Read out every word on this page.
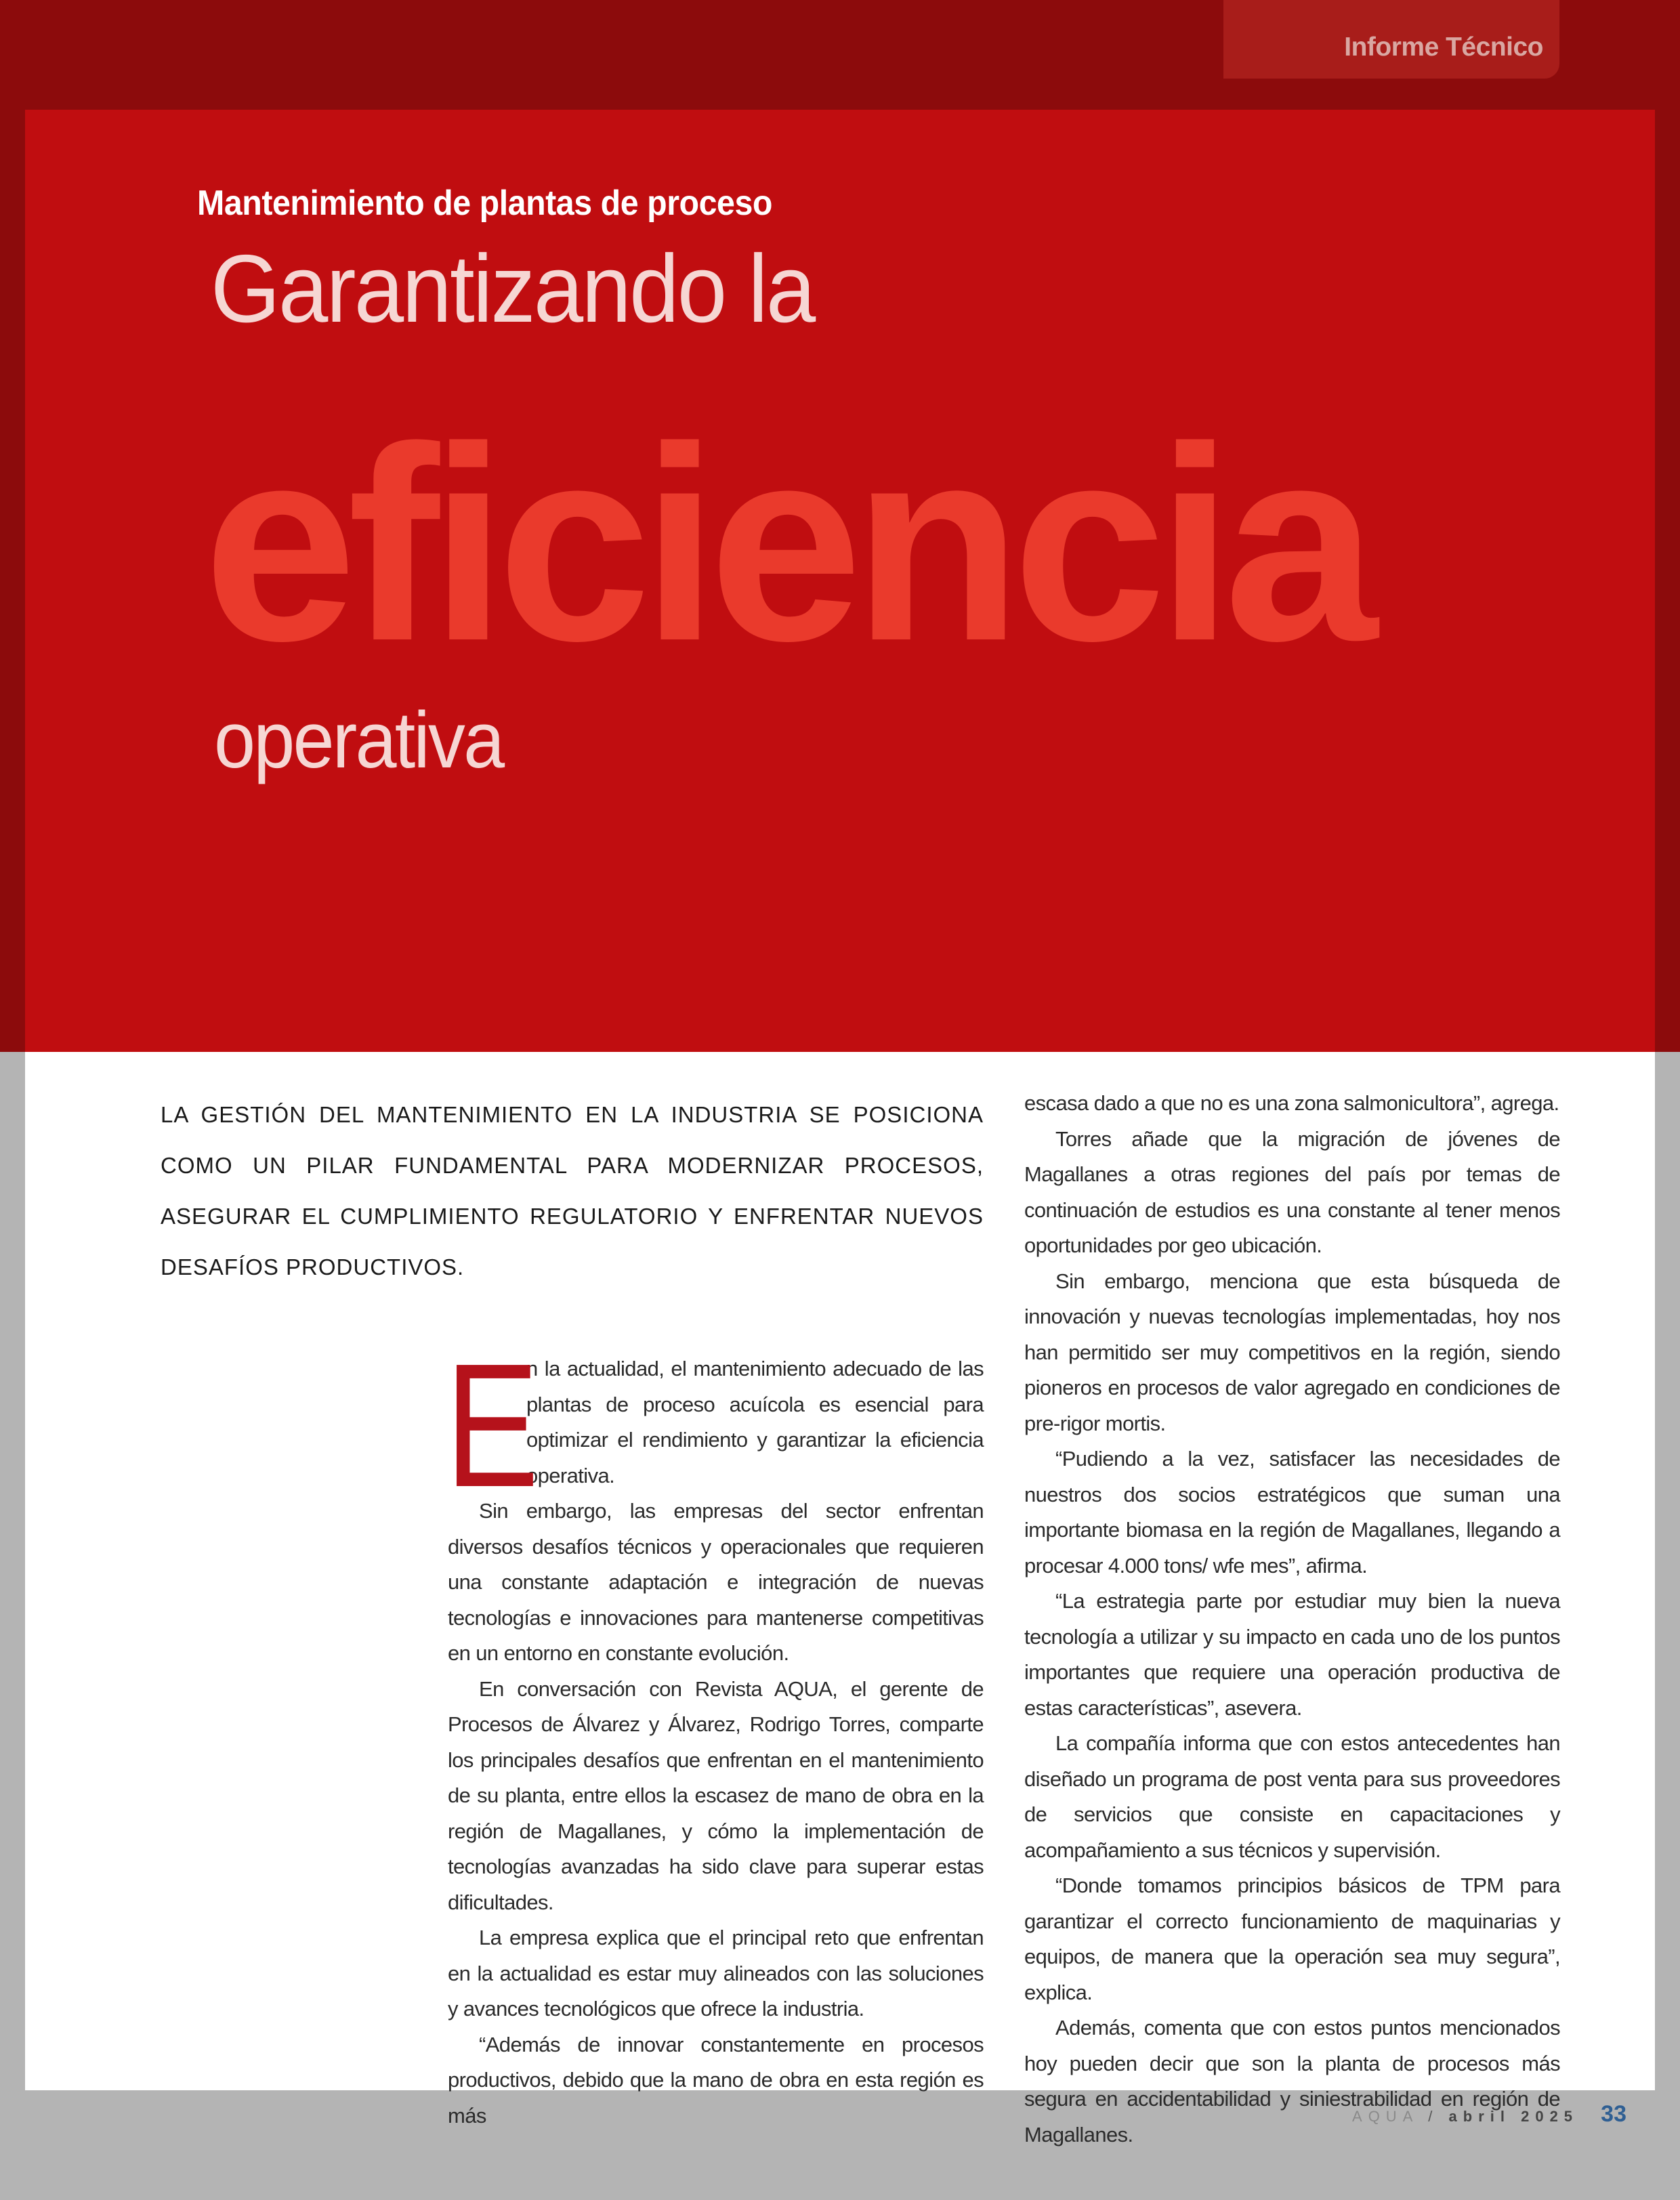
Informe Técnico
Mantenimiento de plantas de proceso
Garantizando la
eficiencia
operativa
LA GESTIÓN DEL MANTENIMIENTO EN LA INDUSTRIA SE POSICIONA COMO UN PILAR FUNDAMENTAL PARA MODERNIZAR PROCESOS, ASEGURAR EL CUMPLIMIENTO REGULATORIO Y ENFRENTAR NUEVOS DESAFÍOS PRODUCTIVOS.
E

n la actualidad, el mantenimiento adecuado de las plantas de proceso acuícola es esencial para optimizar el rendimiento y garantizar la eficiencia operativa.

Sin embargo, las empresas del sector enfrentan diversos desafíos técnicos y operacionales que requieren una constante adaptación e integración de nuevas tecnologías e innovaciones para mantenerse competitivas en un entorno en constante evolución.

En conversación con Revista AQUA, el gerente de Procesos de Álvarez y Álvarez, Rodrigo Torres, comparte los principales desafíos que enfrentan en el mantenimiento de su planta, entre ellos la escasez de mano de obra en la región de Magallanes, y cómo la implementación de tecnologías avanzadas ha sido clave para superar estas dificultades.

La empresa explica que el principal reto que enfrentan en la actualidad es estar muy alineados con las soluciones y avances tecnológicos que ofrece la industria.

“Además de innovar constantemente en procesos productivos, debido que la mano de obra en esta región es más

escasa dado a que no es una zona salmonicultora”, agrega.

Torres añade que la migración de jóvenes de Magallanes a otras regiones del país por temas de continuación de estudios es una constante al tener menos oportunidades por geo ubicación.

Sin embargo, menciona que esta búsqueda de innovación y nuevas tecnologías implementadas, hoy nos han permitido ser muy competitivos en la región, siendo pioneros en procesos de valor agregado en condiciones de pre-rigor mortis.

“Pudiendo a la vez, satisfacer las necesidades de nuestros dos socios estratégicos que suman una importante biomasa en la región de Magallanes, llegando a procesar 4.000 tons/ wfe mes”, afirma.

“La estrategia parte por estudiar muy bien la nueva tecnología a utilizar y su impacto en cada uno de los puntos importantes que requiere una operación productiva de estas características”, asevera.

La compañía informa que con estos antecedentes han diseñado un programa de post venta para sus proveedores de servicios que consiste en capacitaciones y acompañamiento a sus técnicos y supervisión.

“Donde tomamos principios básicos de TPM para garantizar el correcto funcionamiento de maquinarias y equipos, de manera que la operación sea muy segura”, explica.

Además, comenta que con estos puntos mencionados hoy pueden decir que son la planta de procesos más segura en accidentabilidad y siniestrabilidad en región de Magallanes.

AQUA / abril 2025 33
